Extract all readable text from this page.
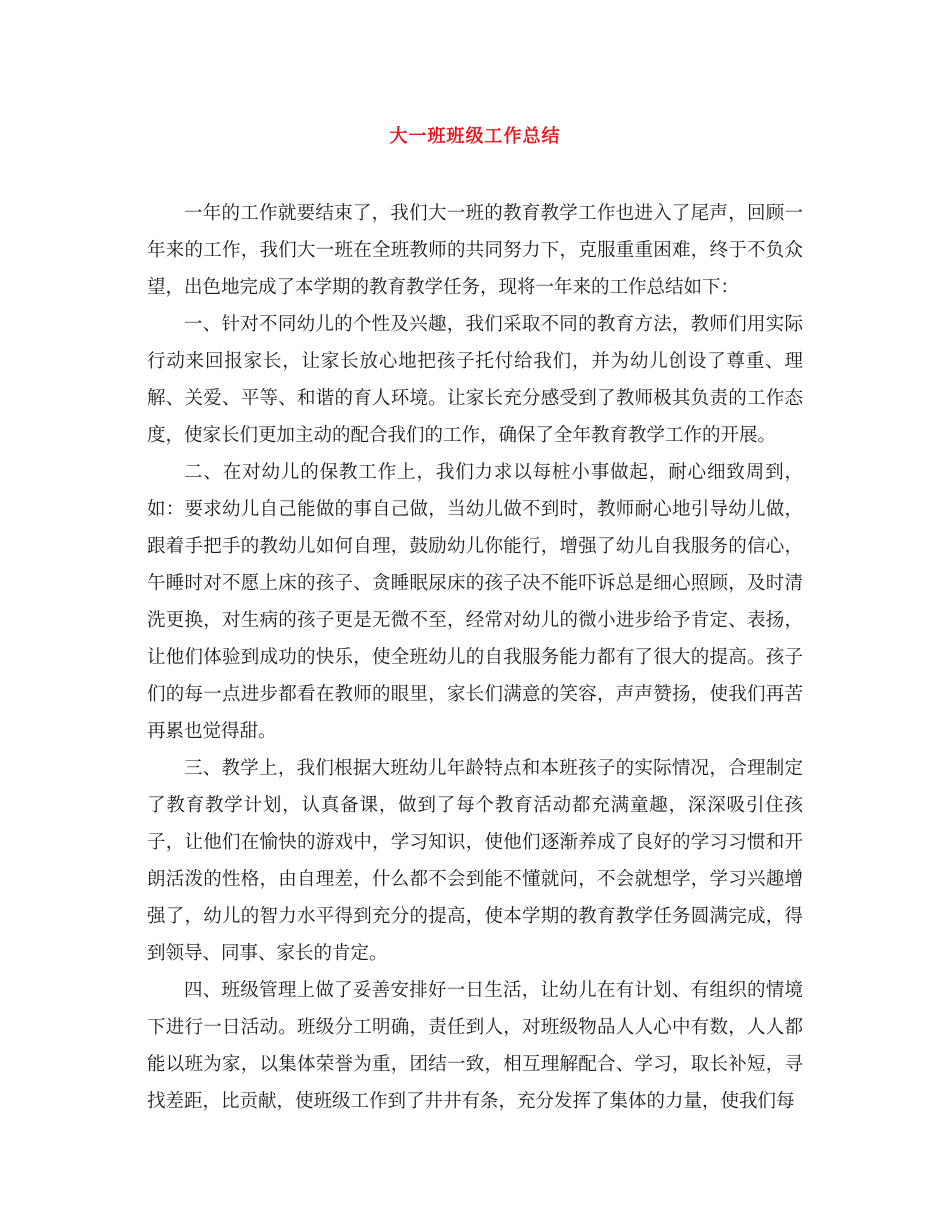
大一班班级工作总结

一年的工作就要结束了，我们大一班的教育教学工作也进入了尾声，回顾一年来的工作，我们大一班在全班教师的共同努力下，克服重重困难，终于不负众望，出色地完成了本学期的教育教学任务，现将一年来的工作总结如下：

一、针对不同幼儿的个性及兴趣，我们采取不同的教育方法，教师们用实际行动来回报家长，让家长放心地把孩子托付给我们，并为幼儿创设了尊重、理解、关爱、平等、和谐的育人环境。让家长充分感受到了教师极其负责的工作态度，使家长们更加主动的配合我们的工作，确保了全年教育教学工作的开展。

二、在对幼儿的保教工作上，我们力求以每桩小事做起，耐心细致周到，如：要求幼儿自己能做的事自己做，当幼儿做不到时，教师耐心地引导幼儿做，跟着手把手的教幼儿如何自理，鼓励幼儿你能行，增强了幼儿自我服务的信心，午睡时对不愿上床的孩子、贪睡眠尿床的孩子决不能吓诉总是细心照顾，及时清洗更换，对生病的孩子更是无微不至，经常对幼儿的微小进步给予肯定、表扬，让他们体验到成功的快乐，使全班幼儿的自我服务能力都有了很大的提高。孩子们的每一点进步都看在教师的眼里，家长们满意的笑容，声声赞扬，使我们再苦再累也觉得甜。

三、教学上，我们根据大班幼儿年龄特点和本班孩子的实际情况，合理制定了教育教学计划，认真备课，做到了每个教育活动都充满童趣，深深吸引住孩子，让他们在愉快的游戏中，学习知识，使他们逐渐养成了良好的学习习惯和开朗活泼的性格，由自理差，什么都不会到能不懂就问，不会就想学，学习兴趣增强了，幼儿的智力水平得到充分的提高，使本学期的教育教学任务圆满完成，得到领导、同事、家长的肯定。

四、班级管理上做了妥善安排好一日生活，让幼儿在有计划、有组织的情境下进行一日活动。班级分工明确，责任到人，对班级物品人人心中有数，人人都能以班为家，以集体荣誉为重，团结一致，相互理解配合、学习，取长补短，寻找差距，比贡献，使班级工作到了井井有条，充分发挥了集体的力量，使我们每
